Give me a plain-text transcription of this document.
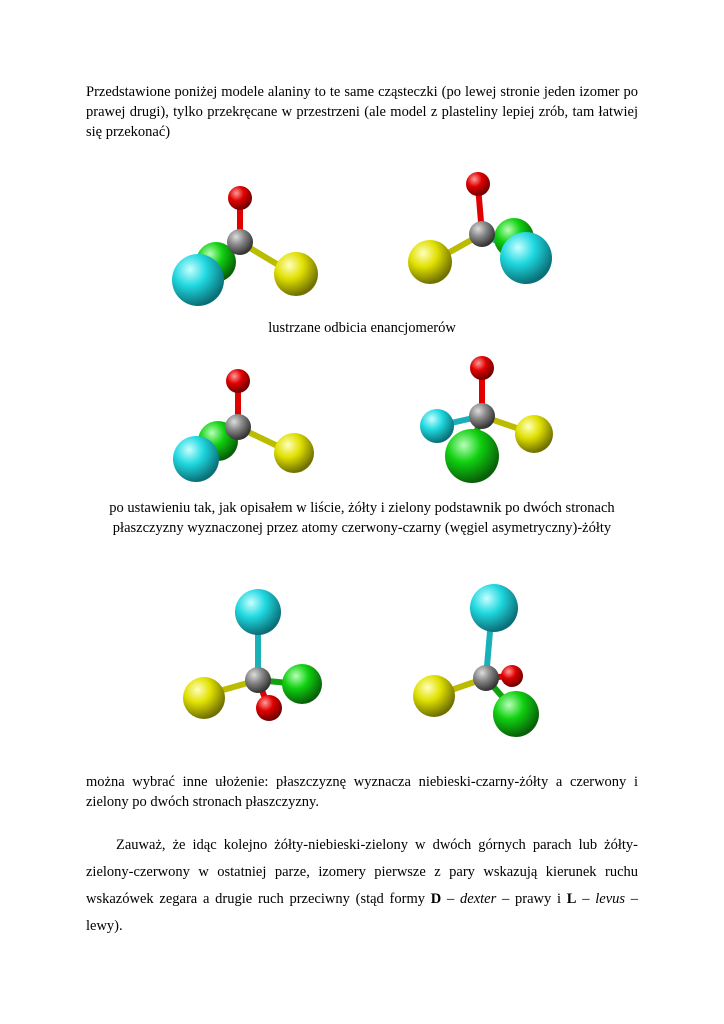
Przedstawione poniżej modele alaniny to te same cząsteczki (po lewej stronie jeden izomer po prawej drugi), tylko przekręcane w przestrzeni (ale model z plasteliny lepiej zrób, tam łatwiej się przekonać)
lustrzane odbicia enancjomerów
po ustawieniu tak, jak opisałem w liście, żółty i zielony podstawnik po dwóch stronach
płaszczyzny wyznaczonej przez atomy czerwony-czarny (węgiel asymetryczny)-żółty
można wybrać inne ułożenie: płaszczyznę wyznacza niebieski-czarny-żółty a czerwony i zielony po dwóch stronach płaszczyzny.
Zauważ, że idąc kolejno żółty-niebieski-zielony w dwóch górnych parach lub żółty-zielony-czerwony w ostatniej parze, izomery pierwsze z pary wskazują kierunek ruchu wskazówek zegara a drugie ruch przeciwny (stąd formy D – dexter – prawy i L – levus – lewy).
